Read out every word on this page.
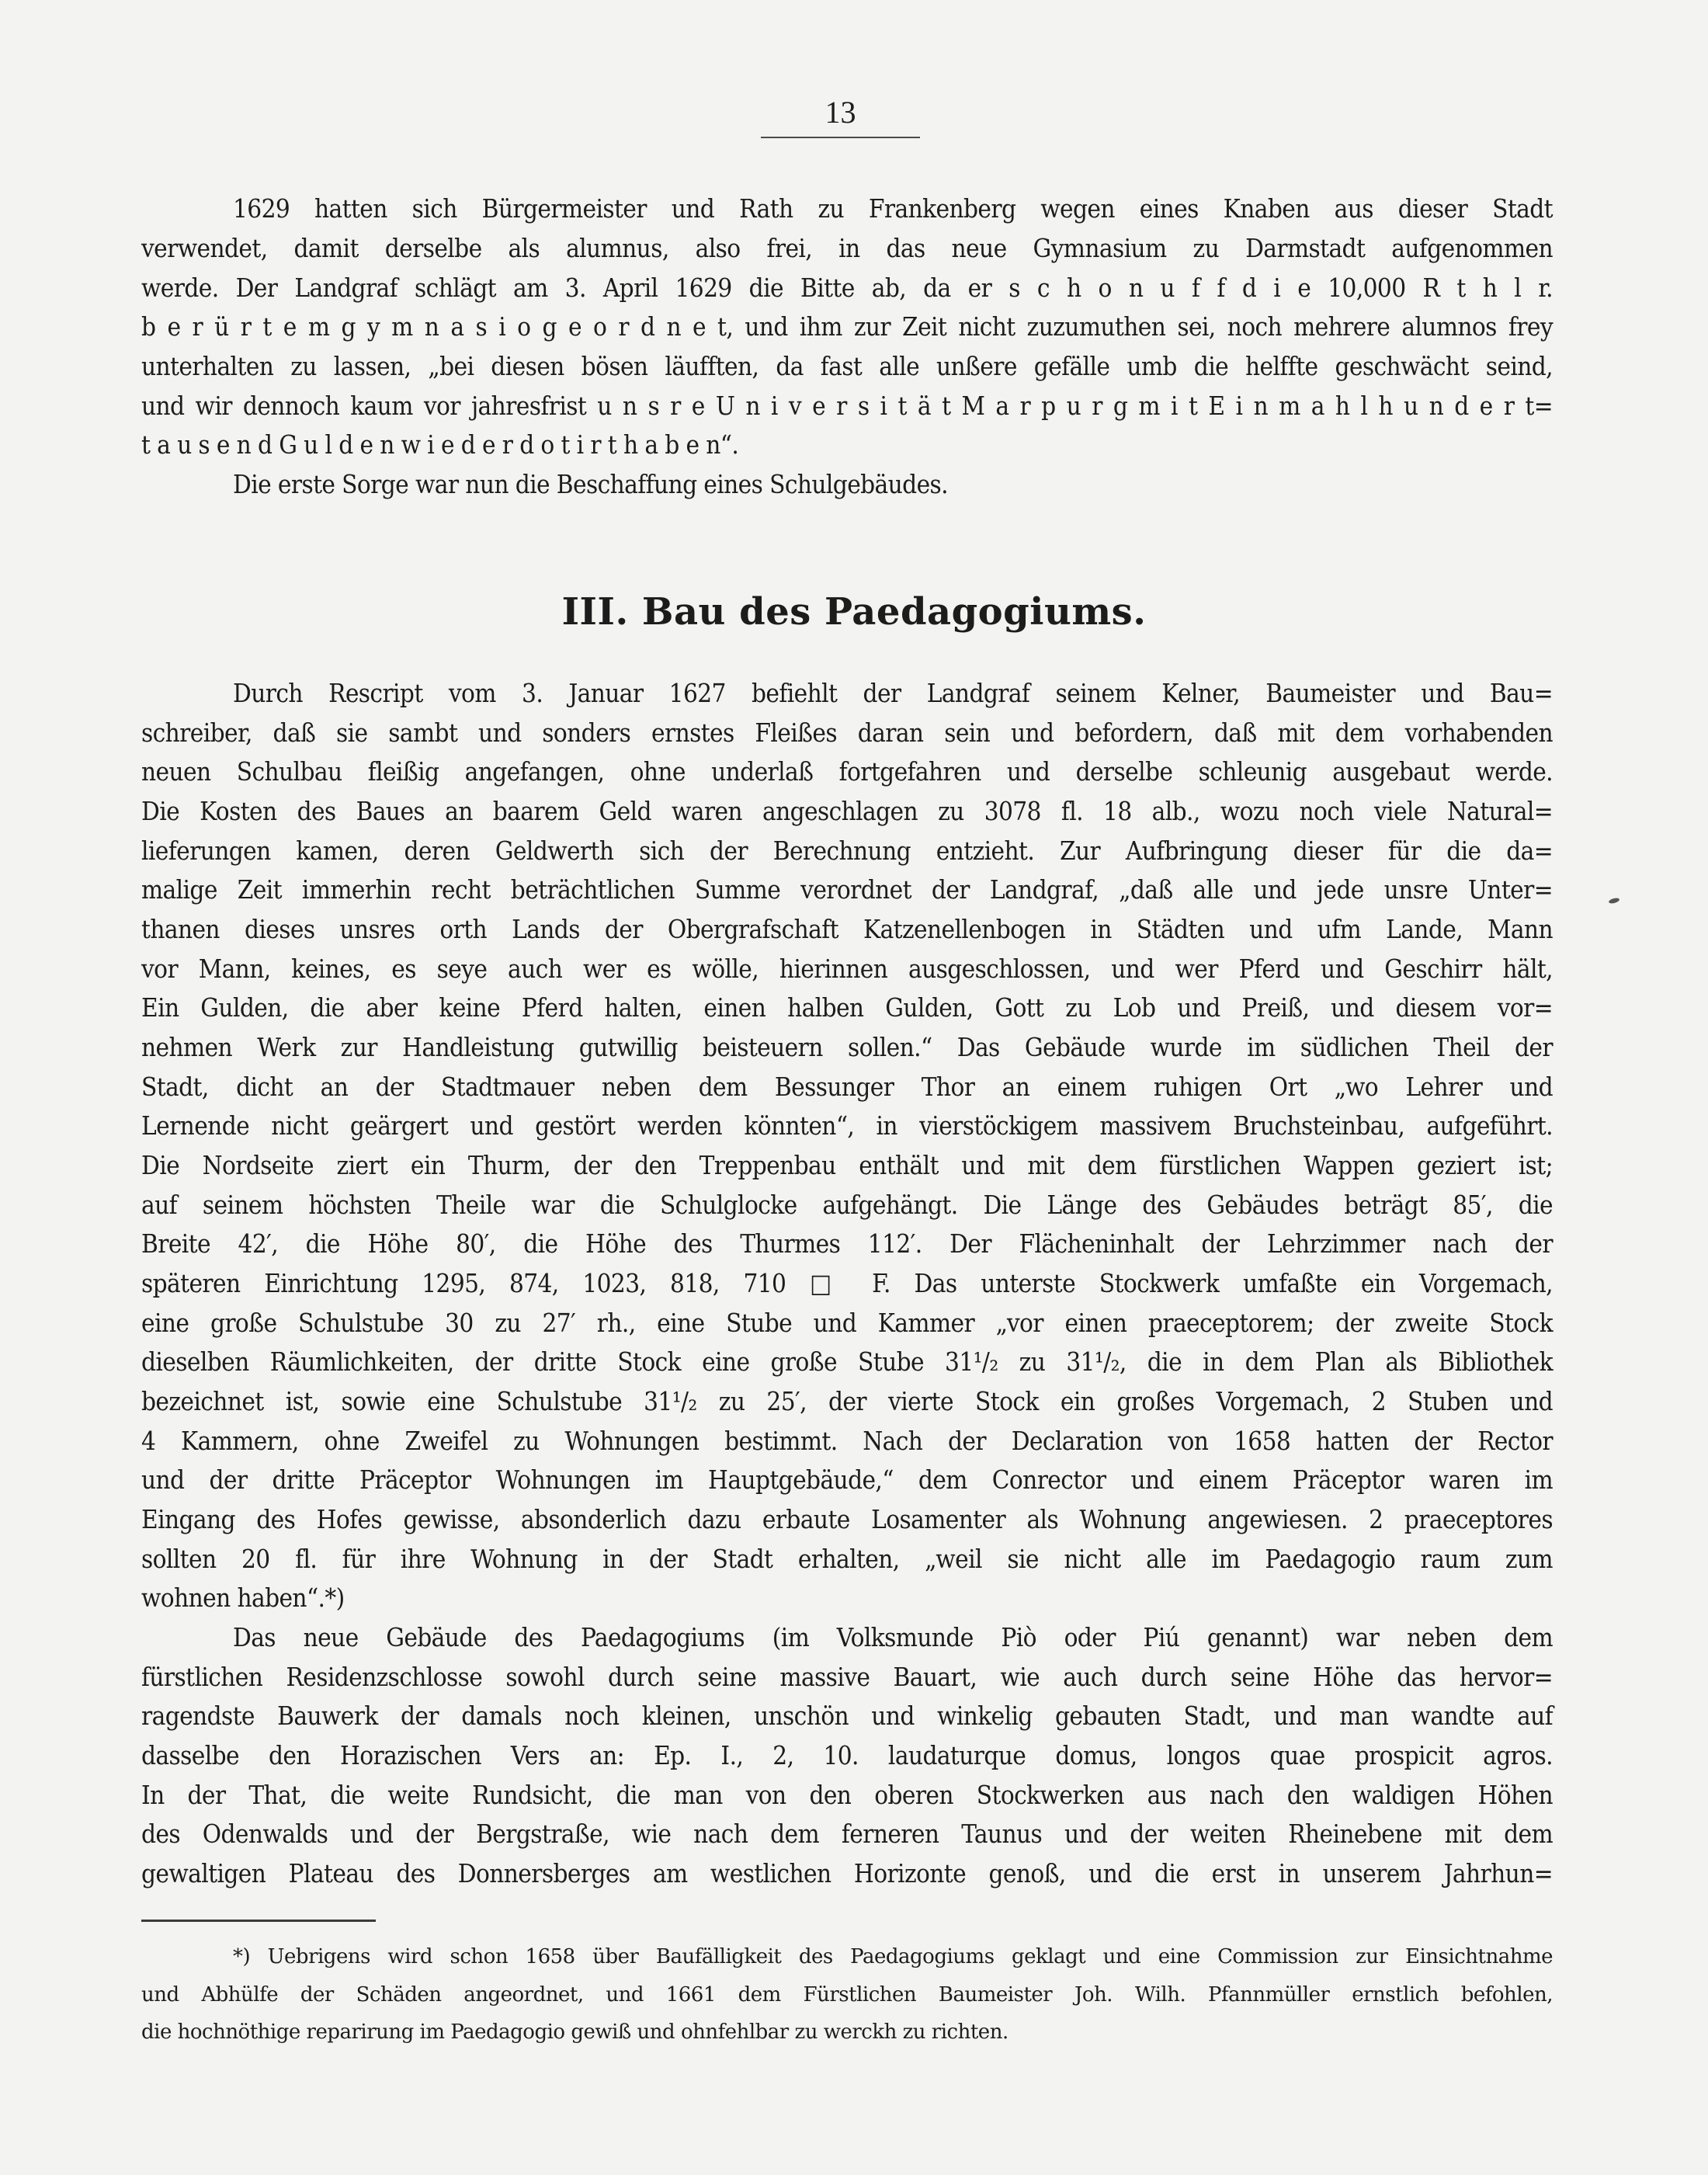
13
1629 hatten sich Bürgermeister und Rath zu Frankenberg wegen eines Knaben aus dieser Stadt
verwendet, damit derselbe als alumnus, also frei, in das neue Gymnasium zu Darmstadt aufgenommen
werde. Der Landgraf schlägt am 3. April 1629 die Bitte ab, da er s c h o n u f f d i e 10,000 R t h l r.
b e r ü r t e m g y m n a s i o g e o r d n e t, und ihm zur Zeit nicht zuzumuthen sei, noch mehrere alumnos frey
unterhalten zu lassen, „bei diesen bösen läufften, da fast alle unßere gefälle umb die helffte geschwächt seind,
und wir dennoch kaum vor jahresfrist u n s r e U n i v e r s i t ä t M a r p u r g m i t E i n m a h l h u n d e r t=
t a u s e n d G u l d e n w i e d e r d o t i r t h a b e n“.
Die erste Sorge war nun die Beschaffung eines Schulgebäudes.
III. Bau des Paedagogiums.
Durch Rescript vom 3. Januar 1627 befiehlt der Landgraf seinem Kelner, Baumeister und Bau=
schreiber, daß sie sambt und sonders ernstes Fleißes daran sein und befordern, daß mit dem vorhabenden
neuen Schulbau fleißig angefangen, ohne underlaß fortgefahren und derselbe schleunig ausgebaut werde.
Die Kosten des Baues an baarem Geld waren angeschlagen zu 3078 fl. 18 alb., wozu noch viele Natural=
lieferungen kamen, deren Geldwerth sich der Berechnung entzieht. Zur Aufbringung dieser für die da=
malige Zeit immerhin recht beträchtlichen Summe verordnet der Landgraf, „daß alle und jede unsre Unter=
thanen dieses unsres orth Lands der Obergrafschaft Katzenellenbogen in Städten und ufm Lande, Mann
vor Mann, keines, es seye auch wer es wölle, hierinnen ausgeschlossen, und wer Pferd und Geschirr hält,
Ein Gulden, die aber keine Pferd halten, einen halben Gulden, Gott zu Lob und Preiß, und diesem vor=
nehmen Werk zur Handleistung gutwillig beisteuern sollen.“ Das Gebäude wurde im südlichen Theil der
Stadt, dicht an der Stadtmauer neben dem Bessunger Thor an einem ruhigen Ort „wo Lehrer und
Lernende nicht geärgert und gestört werden könnten“, in vierstöckigem massivem Bruchsteinbau, aufgeführt.
Die Nordseite ziert ein Thurm, der den Treppenbau enthält und mit dem fürstlichen Wappen geziert ist;
auf seinem höchsten Theile war die Schulglocke aufgehängt. Die Länge des Gebäudes beträgt 85′, die
Breite 42′, die Höhe 80′, die Höhe des Thurmes 112′. Der Flächeninhalt der Lehrzimmer nach der
späteren Einrichtung 1295, 874, 1023, 818, 710 □ F. Das unterste Stockwerk umfaßte ein Vorgemach,
eine große Schulstube 30 zu 27′ rh., eine Stube und Kammer „vor einen praeceptorem; der zweite Stock
dieselben Räumlichkeiten, der dritte Stock eine große Stube 31¹/₂ zu 31¹/₂, die in dem Plan als Bibliothek
bezeichnet ist, sowie eine Schulstube 31¹/₂ zu 25′, der vierte Stock ein großes Vorgemach, 2 Stuben und
4 Kammern, ohne Zweifel zu Wohnungen bestimmt. Nach der Declaration von 1658 hatten der Rector
und der dritte Präceptor Wohnungen im Hauptgebäude,“ dem Conrector und einem Präceptor waren im
Eingang des Hofes gewisse, absonderlich dazu erbaute Losamenter als Wohnung angewiesen. 2 praeceptores
sollten 20 fl. für ihre Wohnung in der Stadt erhalten, „weil sie nicht alle im Paedagogio raum zum
wohnen haben“.*)
Das neue Gebäude des Paedagogiums (im Volksmunde Piò oder Piú genannt) war neben dem
fürstlichen Residenzschlosse sowohl durch seine massive Bauart, wie auch durch seine Höhe das hervor=
ragendste Bauwerk der damals noch kleinen, unschön und winkelig gebauten Stadt, und man wandte auf
dasselbe den Horazischen Vers an: Ep. I., 2, 10. laudaturque domus, longos quae prospicit agros.
In der That, die weite Rundsicht, die man von den oberen Stockwerken aus nach den waldigen Höhen
des Odenwalds und der Bergstraße, wie nach dem ferneren Taunus und der weiten Rheinebene mit dem
gewaltigen Plateau des Donnersberges am westlichen Horizonte genoß, und die erst in unserem Jahrhun=
*) Uebrigens wird schon 1658 über Baufälligkeit des Paedagogiums geklagt und eine Commission zur Einsichtnahme
und Abhülfe der Schäden angeordnet, und 1661 dem Fürstlichen Baumeister Joh. Wilh. Pfannmüller ernstlich befohlen,
die hochnöthige reparirung im Paedagogio gewiß und ohnfehlbar zu werckh zu richten.
